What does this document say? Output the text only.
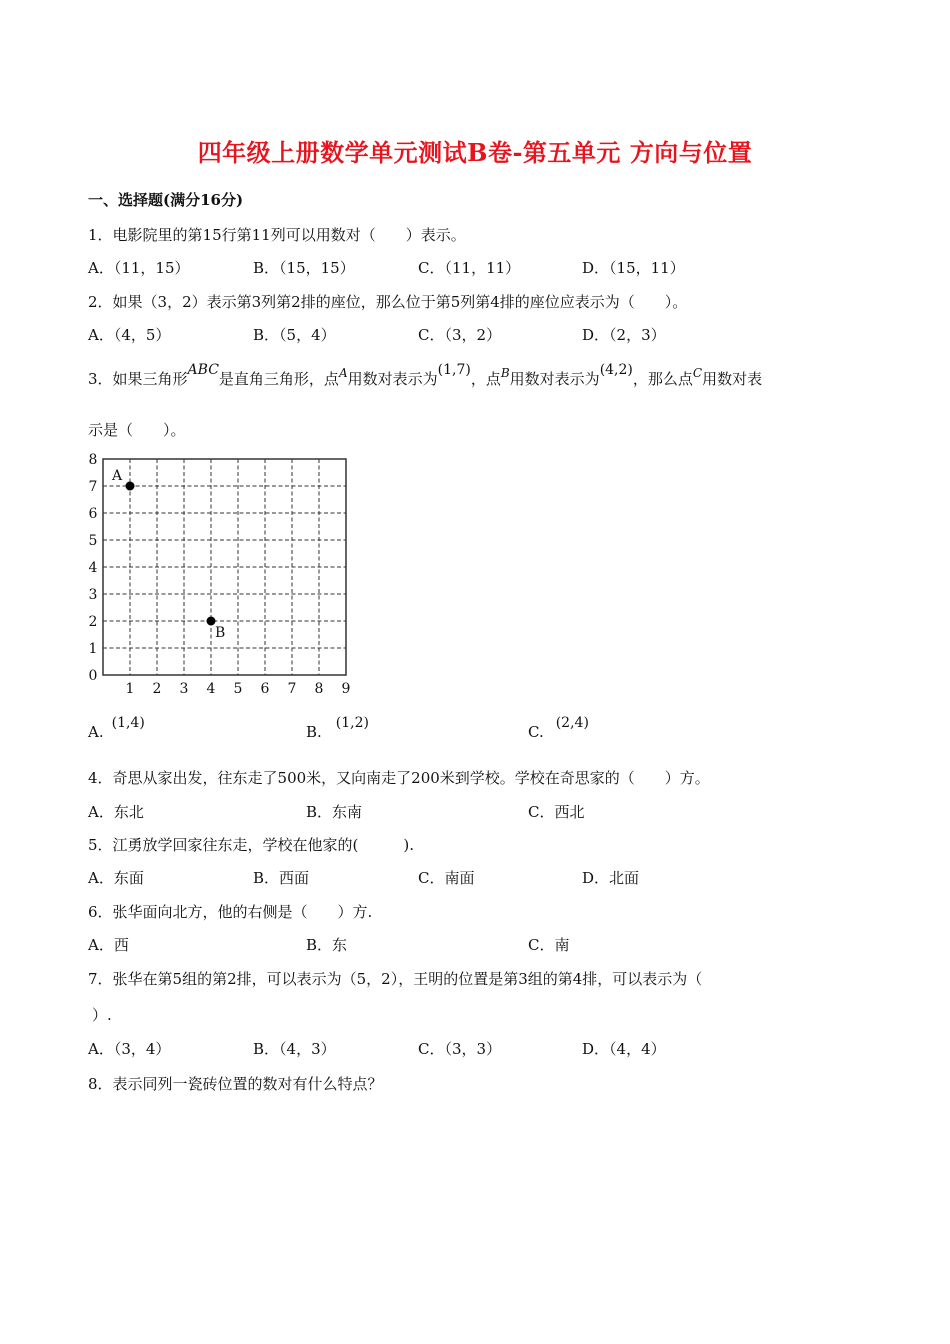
四年级上册数学单元测试B卷-第五单元 方向与位置
一、选择题(满分16分)
1．电影院里的第15行第11列可以用数对（　　）表示。
A．（11，15）	B．（15，15）	C．（11，11）	D．（15，11）
2．如果（3，2）表示第3列第2排的座位，那么位于第5列第4排的座位应表示为（　　）。
A．（4，5）	B．（5，4）	C．（3，2）	D．（2，3）
3．如果三角形ABC是直角三角形，点$^A$用数对表示为(1,7)，点$^B$用数对表示为(4,2)，那么点$^C$用数对表
示是（　　）。
0
1
2
3
4
5
6
7
8
1 2 3 4 5 6 7 8 9
A
B
A. (1,4)	B. (1,2)	C. (2,4)
4．奇思从家出发，往东走了500米，又向南走了200米到学校。学校在奇思家的（　　）方。
A．东北	B．东南	C．西北
5．江勇放学回家往东走，学校在他家的(　　　).
A．东面	B．西面	C．南面	D．北面
6．张华面向北方，他的右侧是（　　）方.
A．西	B．东	C．南
7．张华在第5组的第2排，可以表示为（5，2），王明的位置是第3组的第4排，可以表示为（
）.
A．（3，4）	B．（4，3）	C．（3，3）	D．（4，4）
8．表示同列一瓷砖位置的数对有什么特点？
